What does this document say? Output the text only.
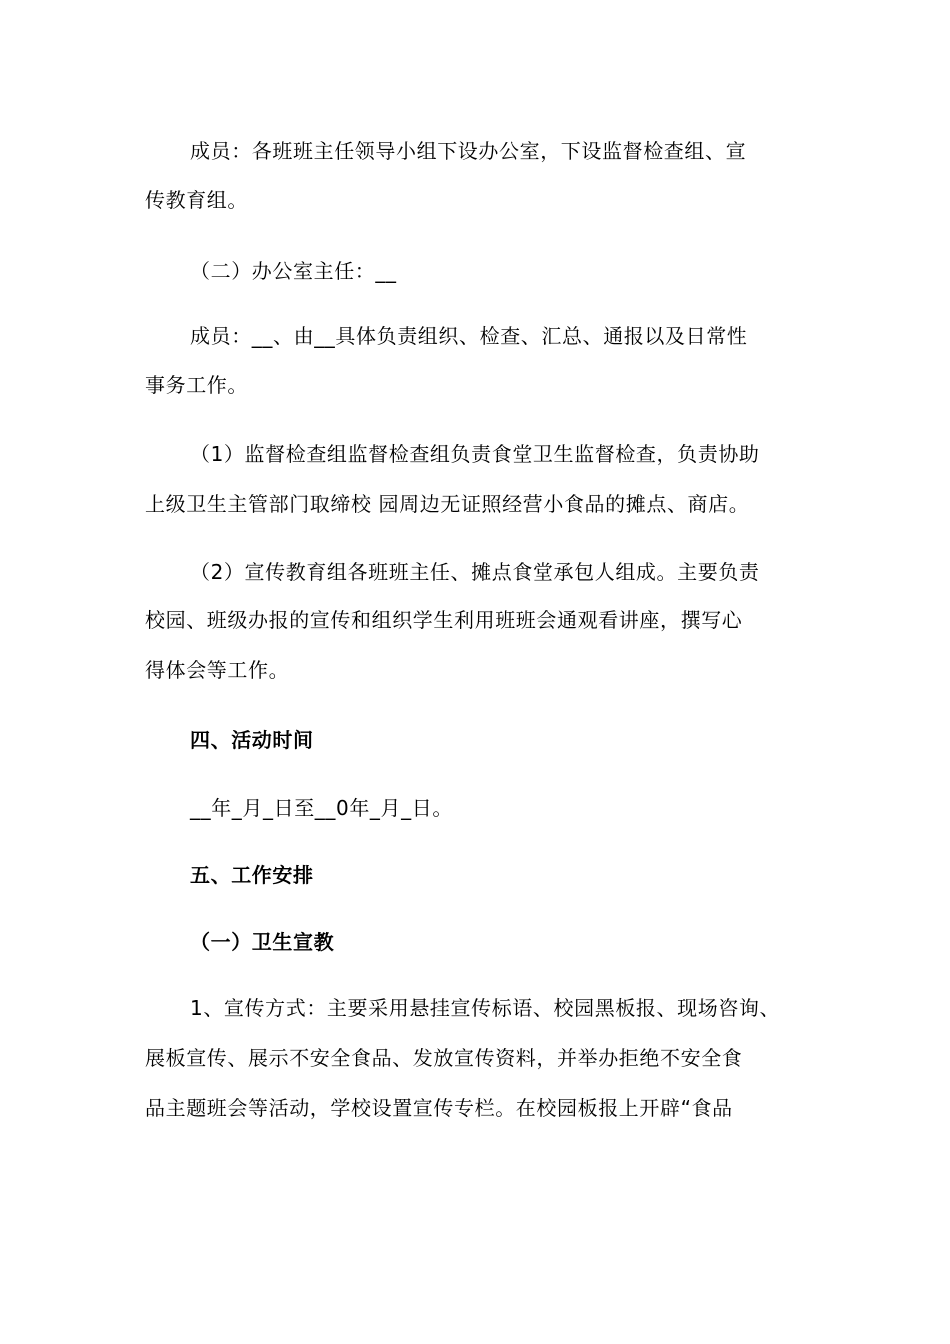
成员：各班班主任领导小组下设办公室，下设监督检查组、宣
传教育组。
（二）办公室主任：__
成员：__、由__具体负责组织、检查、汇总、通报以及日常性
事务工作。
（1）监督检查组监督检查组负责食堂卫生监督检查，负责协助
上级卫生主管部门取缔校 园周边无证照经营小食品的摊点、商店。
（2）宣传教育组各班班主任、摊点食堂承包人组成。主要负责
校园、班级办报的宣传和组织学生利用班班会通观看讲座，撰写心
得体会等工作。
四、活动时间
__年_月_日至__0年_月_日。
五、工作安排
（一）卫生宣教
1、宣传方式：主要采用悬挂宣传标语、校园黑板报、现场咨询、
展板宣传、展示不安全食品、发放宣传资料，并举办拒绝不安全食
品主题班会等活动，学校设置宣传专栏。在校园板报上开辟“食品
